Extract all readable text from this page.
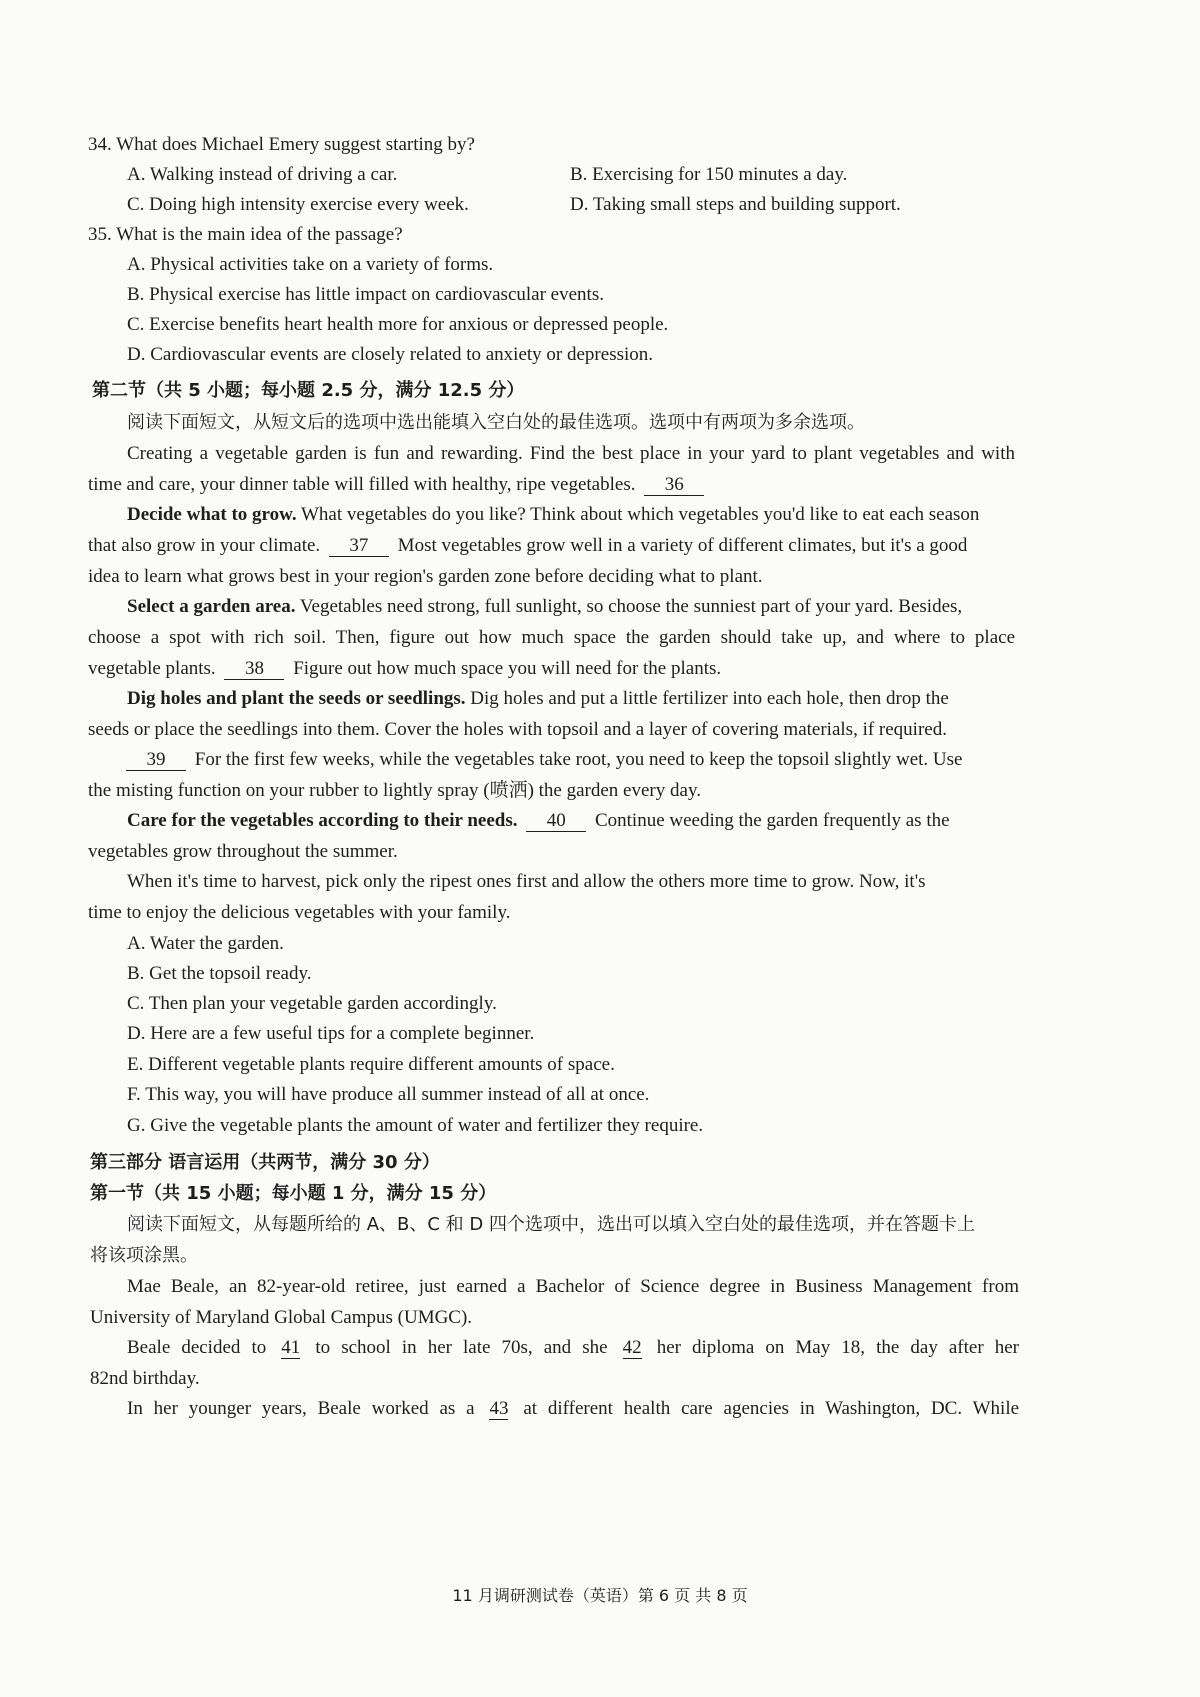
34. What does Michael Emery suggest starting by?
A. Walking instead of driving a car.	B. Exercising for 150 minutes a day.
C. Doing high intensity exercise every week.	D. Taking small steps and building support.
35. What is the main idea of the passage?
A. Physical activities take on a variety of forms.
B. Physical exercise has little impact on cardiovascular events.
C. Exercise benefits heart health more for anxious or depressed people.
D. Cardiovascular events are closely related to anxiety or depression.
第二节（共 5 小题；每小题 2.5 分，满分 12.5 分）
阅读下面短文，从短文后的选项中选出能填入空白处的最佳选项。选项中有两项为多余选项。
Creating a vegetable garden is fun and rewarding. Find the best place in your yard to plant vegetables and with
time and care, your dinner table will filled with healthy, ripe vegetables. 36
Decide what to grow. What vegetables do you like? Think about which vegetables you'd like to eat each season
that also grow in your climate. 37 Most vegetables grow well in a variety of different climates, but it's a good
idea to learn what grows best in your region's garden zone before deciding what to plant.
Select a garden area. Vegetables need strong, full sunlight, so choose the sunniest part of your yard. Besides,
choose a spot with rich soil. Then, figure out how much space the garden should take up, and where to place
vegetable plants. 38 Figure out how much space you will need for the plants.
Dig holes and plant the seeds or seedlings. Dig holes and put a little fertilizer into each hole, then drop the
seeds or place the seedlings into them. Cover the holes with topsoil and a layer of covering materials, if required.
39 For the first few weeks, while the vegetables take root, you need to keep the topsoil slightly wet. Use
the misting function on your rubber to lightly spray (喷洒) the garden every day.
Care for the vegetables according to their needs. 40 Continue weeding the garden frequently as the
vegetables grow throughout the summer.
When it's time to harvest, pick only the ripest ones first and allow the others more time to grow. Now, it's
time to enjoy the delicious vegetables with your family.
A. Water the garden.
B. Get the topsoil ready.
C. Then plan your vegetable garden accordingly.
D. Here are a few useful tips for a complete beginner.
E. Different vegetable plants require different amounts of space.
F. This way, you will have produce all summer instead of all at once.
G. Give the vegetable plants the amount of water and fertilizer they require.
第三部分 语言运用（共两节，满分 30 分）
第一节（共 15 小题；每小题 1 分，满分 15 分）
阅读下面短文，从每题所给的 A、B、C 和 D 四个选项中，选出可以填入空白处的最佳选项，并在答题卡上
将该项涂黑。
Mae Beale, an 82-year-old retiree, just earned a Bachelor of Science degree in Business Management from
University of Maryland Global Campus (UMGC).
Beale decided to 41 to school in her late 70s, and she 42 her diploma on May 18, the day after her
82nd birthday.
In her younger years, Beale worked as a 43 at different health care agencies in Washington, DC. While
11 月调研测试卷（英语）第 6 页 共 8 页
